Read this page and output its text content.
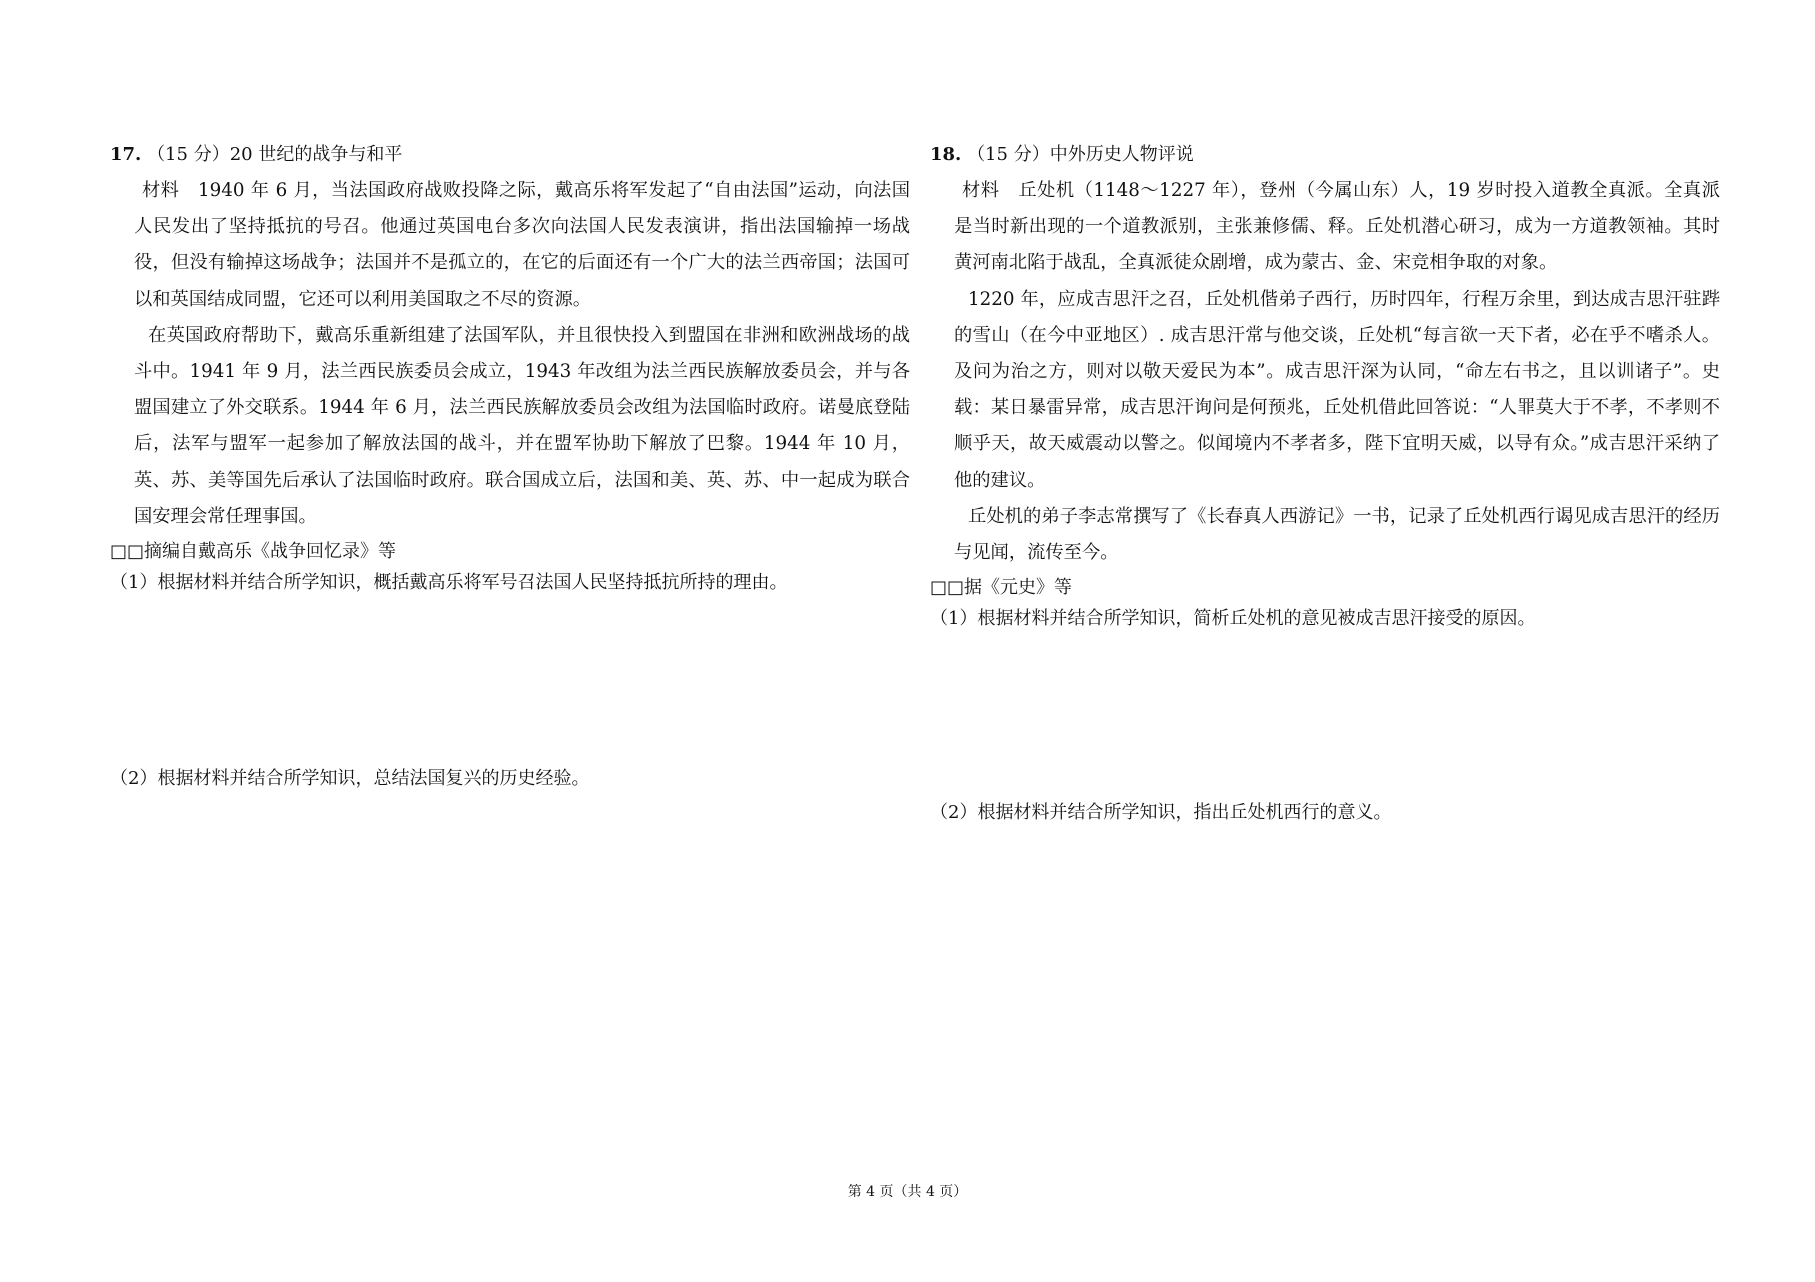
17. （15 分）20 世纪的战争与和平

材料　1940 年 6 月，当法国政府战败投降之际，戴高乐将军发起了“自由法国”运动，向法国人民发出了坚持抵抗的号召。他通过英国电台多次向法国人民发表演讲，指出法国输掉一场战役，但没有输掉这场战争；法国并不是孤立的，在它的后面还有一个广大的法兰西帝国；法国可以和英国结成同盟，它还可以利用美国取之不尽的资源。

在英国政府帮助下，戴高乐重新组建了法国军队，并且很快投入到盟国在非洲和欧洲战场的战斗中。1941 年 9 月，法兰西民族委员会成立，1943 年改组为法兰西民族解放委员会，并与各盟国建立了外交联系。1944 年 6 月，法兰西民族解放委员会改组为法国临时政府。诺曼底登陆后，法军与盟军一起参加了解放法国的战斗，并在盟军协助下解放了巴黎。1944 年 10 月，英、苏、美等国先后承认了法国临时政府。联合国成立后，法国和美、英、苏、中一起成为联合国安理会常任理事国。

□□摘编自戴高乐《战争回忆录》等
（1）根据材料并结合所学知识，概括戴高乐将军号召法国人民坚持抵抗所持的理由。
（2）根据材料并结合所学知识，总结法国复兴的历史经验。
18. （15 分）中外历史人物评说

材料　丘处机（1148～1227 年），登州（今属山东）人，19 岁时投入道教全真派。全真派是当时新出现的一个道教派别，主张兼修儒、释。丘处机潜心研习，成为一方道教领袖。其时黄河南北陷于战乱，全真派徒众剧增，成为蒙古、金、宋竞相争取的对象。

1220 年，应成吉思汗之召，丘处机偕弟子西行，历时四年，行程万余里，到达成吉思汗驻跸的雪山（在今中亚地区）. 成吉思汗常与他交谈，丘处机“每言欲一天下者，必在乎不嗜杀人。及问为治之方，则对以敬天爱民为本”。成吉思汗深为认同，“命左右书之，且以训诸子”。史载：某日暴雷异常，成吉思汗询问是何预兆，丘处机借此回答说：“人罪莫大于不孝，不孝则不顺乎天，故天威震动以警之。似闻境内不孝者多，陛下宜明天威，以导有众。”成吉思汗采纳了他的建议。

丘处机的弟子李志常撰写了《长春真人西游记》一书，记录了丘处机西行谒见成吉思汗的经历与见闻，流传至今。

□□据《元史》等
（1）根据材料并结合所学知识，简析丘处机的意见被成吉思汗接受的原因。
（2）根据材料并结合所学知识，指出丘处机西行的意义。
第 4 页（共 4 页）
